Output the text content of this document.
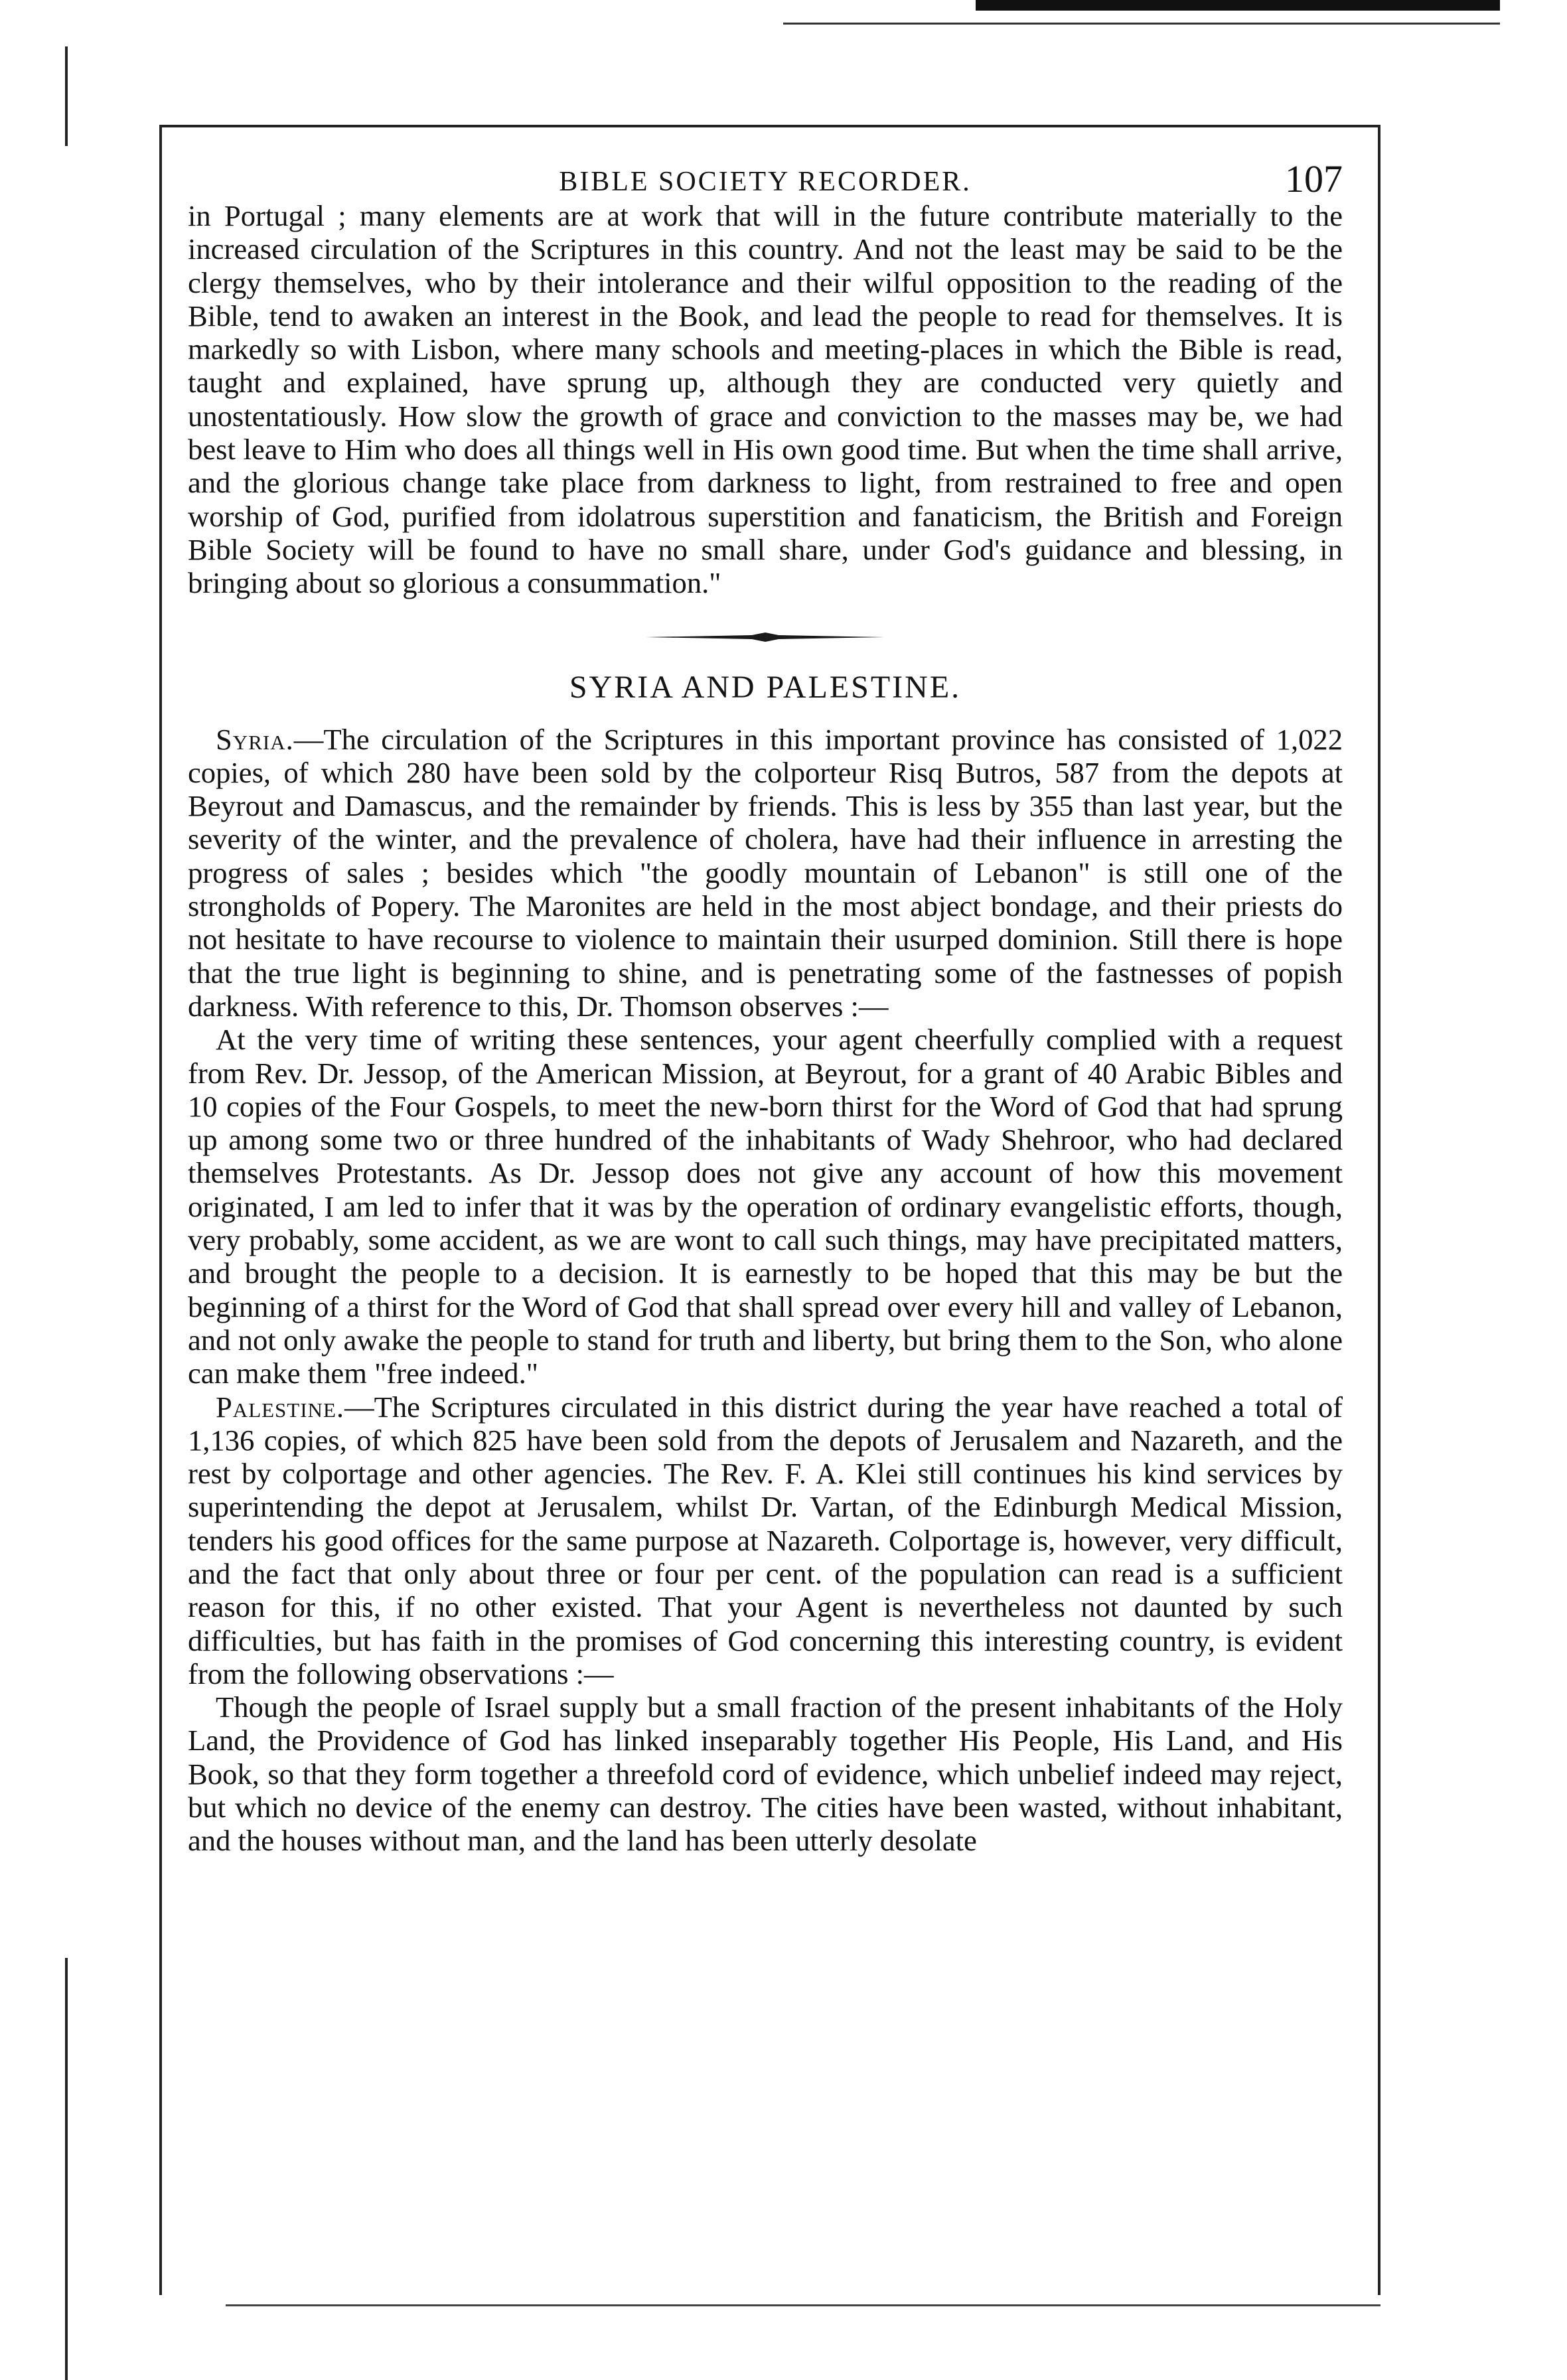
BIBLE SOCIETY RECORDER.	107

in Portugal ; many elements are at work that will in the future contribute materially to the increased circulation of the Scriptures in this country. And not the least may be said to be the clergy themselves, who by their intolerance and their wilful opposition to the reading of the Bible, tend to awaken an interest in the Book, and lead the people to read for themselves. It is markedly so with Lisbon, where many schools and meeting-places in which the Bible is read, taught and explained, have sprung up, although they are conducted very quietly and unostentatiously. How slow the growth of grace and conviction to the masses may be, we had best leave to Him who does all things well in His own good time. But when the time shall arrive, and the glorious change take place from darkness to light, from restrained to free and open worship of God, purified from idolatrous superstition and fanaticism, the British and Foreign Bible Society will be found to have no small share, under God's guidance and blessing, in bringing about so glorious a consummation."

SYRIA AND PALESTINE.

Syria.—The circulation of the Scriptures in this important province has consisted of 1,022 copies, of which 280 have been sold by the colporteur Risq Butros, 587 from the depots at Beyrout and Damascus, and the remainder by friends. This is less by 355 than last year, but the severity of the winter, and the prevalence of cholera, have had their influence in arresting the progress of sales ; besides which "the goodly mountain of Lebanon" is still one of the strongholds of Popery. The Maronites are held in the most abject bondage, and their priests do not hesitate to have recourse to violence to maintain their usurped dominion. Still there is hope that the true light is beginning to shine, and is penetrating some of the fastnesses of popish darkness. With reference to this, Dr. Thomson observes :—

At the very time of writing these sentences, your agent cheerfully complied with a request from Rev. Dr. Jessop, of the American Mission, at Beyrout, for a grant of 40 Arabic Bibles and 10 copies of the Four Gospels, to meet the new-born thirst for the Word of God that had sprung up among some two or three hundred of the inhabitants of Wady Shehroor, who had declared themselves Protestants. As Dr. Jessop does not give any account of how this movement originated, I am led to infer that it was by the operation of ordinary evangelistic efforts, though, very probably, some accident, as we are wont to call such things, may have precipitated matters, and brought the people to a decision. It is earnestly to be hoped that this may be but the beginning of a thirst for the Word of God that shall spread over every hill and valley of Lebanon, and not only awake the people to stand for truth and liberty, but bring them to the Son, who alone can make them "free indeed."

Palestine.—The Scriptures circulated in this district during the year have reached a total of 1,136 copies, of which 825 have been sold from the depots of Jerusalem and Nazareth, and the rest by colportage and other agencies. The Rev. F. A. Klei still continues his kind services by superintending the depot at Jerusalem, whilst Dr. Vartan, of the Edinburgh Medical Mission, tenders his good offices for the same purpose at Nazareth. Colportage is, however, very difficult, and the fact that only about three or four per cent. of the population can read is a sufficient reason for this, if no other existed. That your Agent is nevertheless not daunted by such difficulties, but has faith in the promises of God concerning this interesting country, is evident from the following observations :—

Though the people of Israel supply but a small fraction of the present inhabitants of the Holy Land, the Providence of God has linked inseparably together His People, His Land, and His Book, so that they form together a threefold cord of evidence, which unbelief indeed may reject, but which no device of the enemy can destroy. The cities have been wasted, without inhabitant, and the houses without man, and the land has been utterly desolate
